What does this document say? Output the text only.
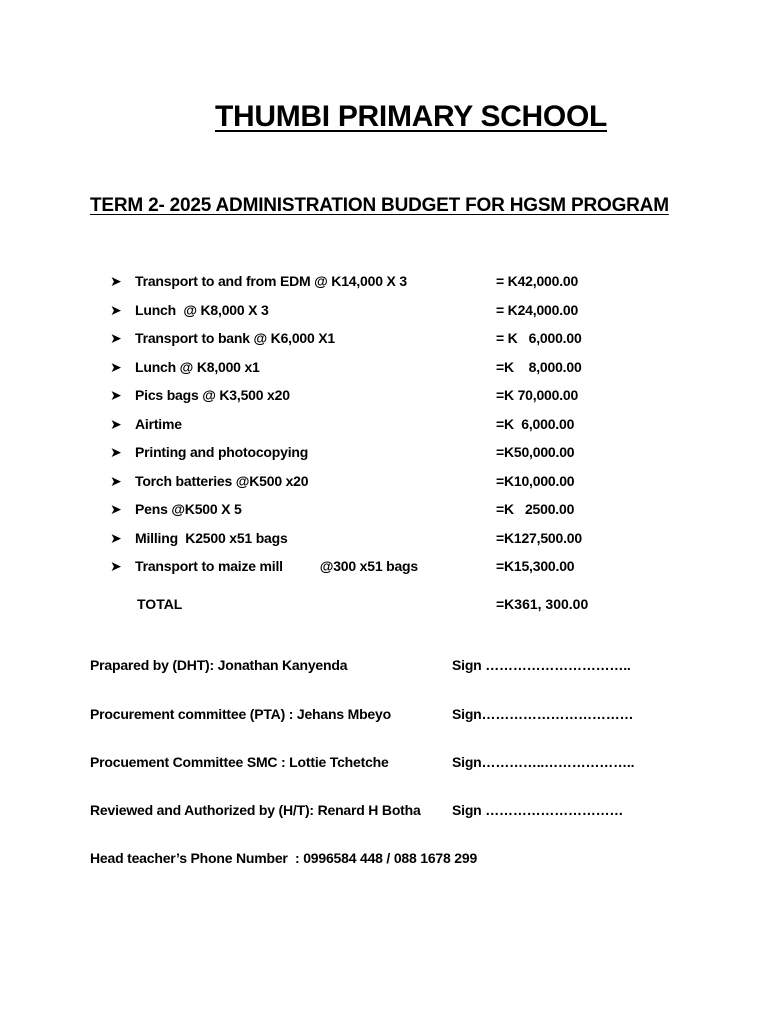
THUMBI PRIMARY SCHOOL
TERM 2- 2025 ADMINISTRATION BUDGET FOR HGSM PROGRAM
➤ Transport to and from EDM @ K14,000 X 3	= K42,000.00
➤ Lunch  @ K8,000 X 3	= K24,000.00
➤ Transport to bank @ K6,000 X1	= K   6,000.00
➤ Lunch @ K8,000 x1	=K    8,000.00
➤ Pics bags @ K3,500 x20	=K 70,000.00
➤ Airtime	=K  6,000.00
➤ Printing and photocopying	=K50,000.00
➤ Torch batteries @K500 x20	=K10,000.00
➤ Pens @K500 X 5	=K   2500.00
➤ Milling  K2500 x51 bags	=K127,500.00
➤ Transport to maize mill          @300 x51 bags	=K15,300.00
TOTAL	=K361, 300.00
Prapared by (DHT): Jonathan Kanyenda	Sign …………………………..
Procurement committee (PTA) : Jehans Mbeyo	Sign……………………………
Procuement Committee SMC : Lottie Tchetche	Sign…………..………………..
Reviewed and Authorized by (H/T): Renard H Botha Sign …………………………
Head teacher’s Phone Number  : 0996584 448 / 088 1678 299
